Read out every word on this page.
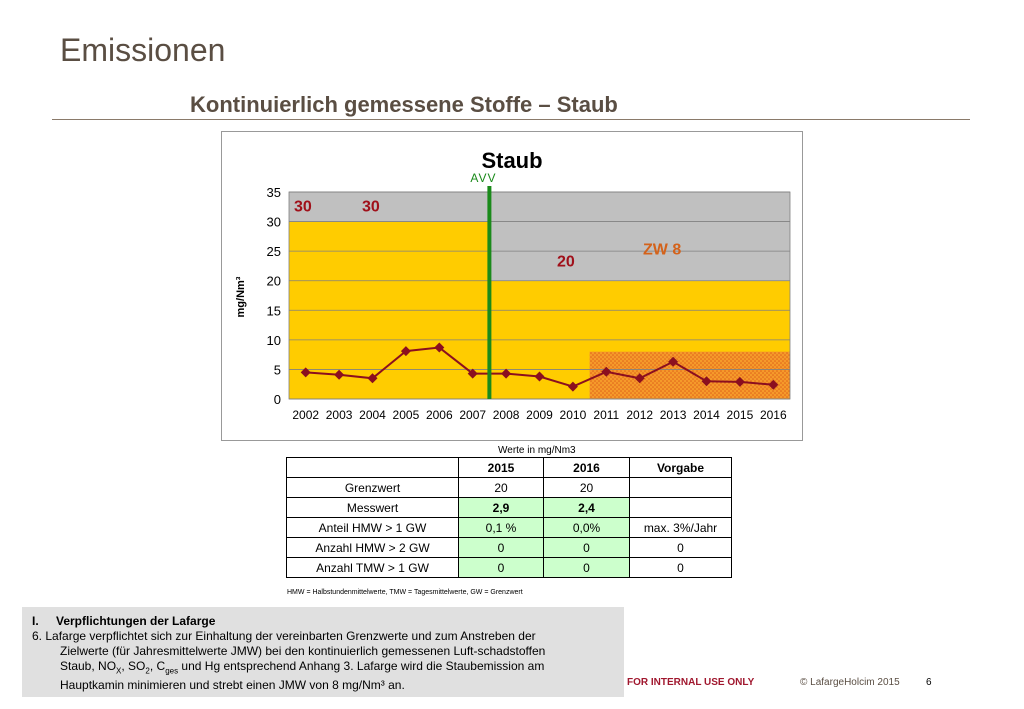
Emissionen
Kontinuierlich gemessene Stoffe – Staub
0
5
10
15
20
25
30
35
2002 2003 2004 2005 2006 2007 2008 2009 2010 2011 2012 2013 2014 2015 2016
AVV
30	30
20
ZW 8
Staub
mg/Nm³
Werte in mg/Nm3
	2015	2016	Vorgabe
Grenzwert	20	20	
Messwert	2,9	2,4	
Anteil HMW > 1 GW	0,1 %	0,0%	max. 3%/Jahr
Anzahl HMW > 2 GW	0	0	0
Anzahl TMW > 1 GW	0	0	0
HMW = Halbstundenmittelwerte, TMW = Tagesmittelwerte, GW = Grenzwert
I. Verpflichtungen der Lafarge
6. Lafarge verpflichtet sich zur Einhaltung der vereinbarten Grenzwerte und zum Anstreben der
Zielwerte (für Jahresmittelwerte JMW) bei den kontinuierlich gemessenen Luft-schadstoffen
Staub, $NO_X$, $SO_2$, $C_{ges}$ und Hg entsprechend Anhang 3. Lafarge wird die Staubemission am
Hauptkamin minimieren und strebt einen JMW von 8 mg/Nm³ an.	FOR INTERNAL USE ONLY	© LafargeHolcim 2015	6
